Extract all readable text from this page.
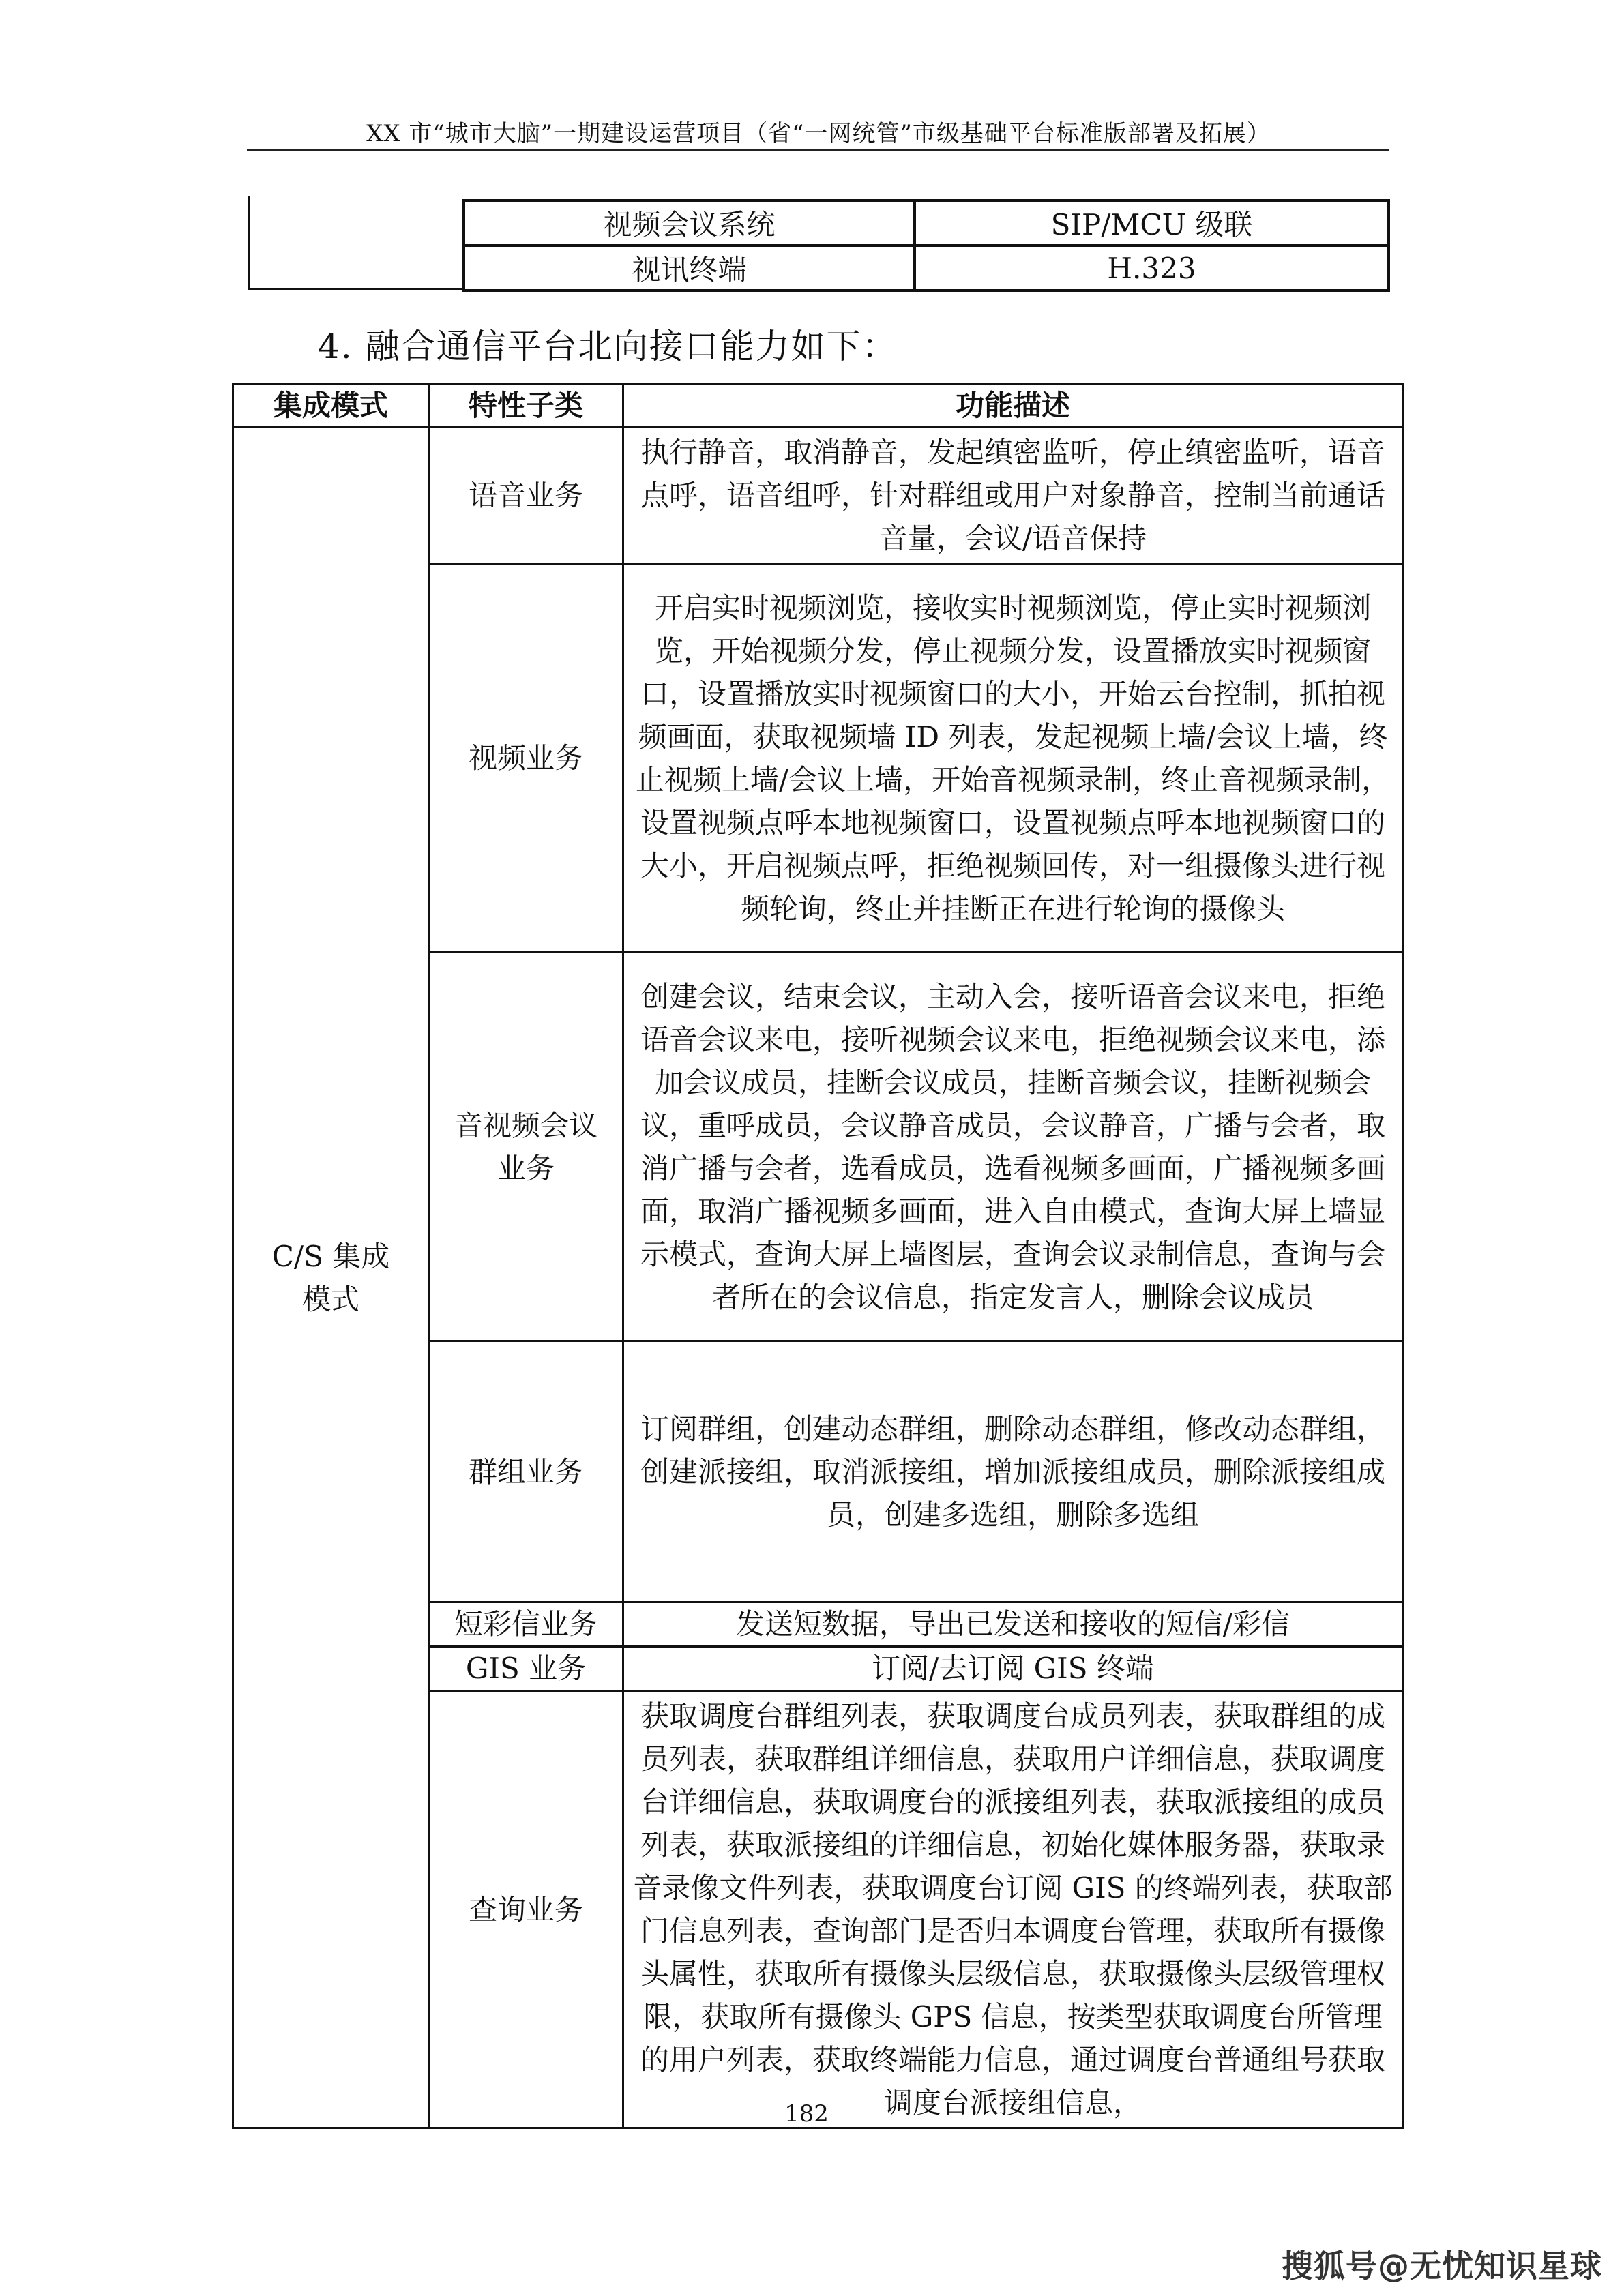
XX 市“城市大脑”一期建设运营项目（省“一网统管”市级基础平台标准版部署及拓展）
视频会议系统	SIP/MCU 级联
视讯终端	H.323
4. 融合通信平台北向接口能力如下：
集成模式	特性子类	功能描述
C/S 集成模式	语音业务	执行静音，取消静音，发起缜密监听，停止缜密监听，语音点呼，语音组呼，针对群组或用户对象静音，控制当前通话音量，会议/语音保持
	视频业务	开启实时视频浏览，接收实时视频浏览，停止实时视频浏览，开始视频分发，停止视频分发，设置播放实时视频窗口，设置播放实时视频窗口的大小，开始云台控制，抓拍视频画面，获取视频墙 ID 列表，发起视频上墙/会议上墙，终止视频上墙/会议上墙，开始音视频录制，终止音视频录制，设置视频点呼本地视频窗口，设置视频点呼本地视频窗口的大小，开启视频点呼，拒绝视频回传，对一组摄像头进行视频轮询，终止并挂断正在进行轮询的摄像头
	音视频会议业务	创建会议，结束会议，主动入会，接听语音会议来电，拒绝语音会议来电，接听视频会议来电，拒绝视频会议来电，添加会议成员，挂断会议成员，挂断音频会议，挂断视频会议，重呼成员，会议静音成员，会议静音，广播与会者，取消广播与会者，选看成员，选看视频多画面，广播视频多画面，取消广播视频多画面，进入自由模式，查询大屏上墙显示模式，查询大屏上墙图层，查询会议录制信息，查询与会者所在的会议信息，指定发言人，删除会议成员
	群组业务	订阅群组，创建动态群组，删除动态群组，修改动态群组，创建派接组，取消派接组，增加派接组成员，删除派接组成员，创建多选组，删除多选组
	短彩信业务	发送短数据，导出已发送和接收的短信/彩信
	GIS 业务	订阅/去订阅 GIS 终端
	查询业务	获取调度台群组列表，获取调度台成员列表，获取群组的成员列表，获取群组详细信息，获取用户详细信息，获取调度台详细信息，获取调度台的派接组列表，获取派接组的成员列表，获取派接组的详细信息，初始化媒体服务器，获取录音录像文件列表，获取调度台订阅 GIS 的终端列表，获取部门信息列表，查询部门是否归本调度台管理，获取所有摄像头属性，获取所有摄像头层级信息，获取摄像头层级管理权限，获取所有摄像头 GPS 信息，按类型获取调度台所管理的用户列表，获取终端能力信息，通过调度台普通组号获取调度台派接组信息，
182
搜狐号@无忧知识星球
